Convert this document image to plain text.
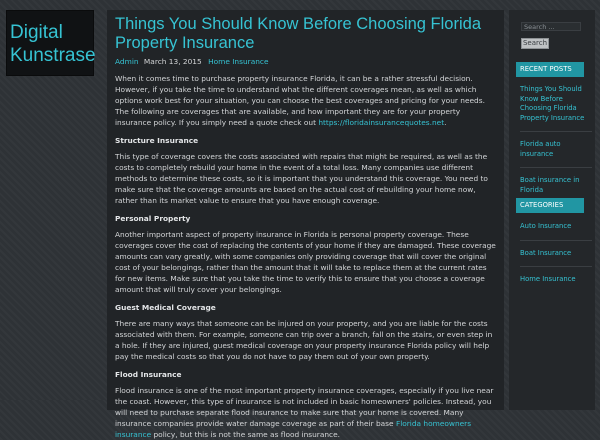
Digital
Kunstrase
Things You Should Know Before Choosing Florida Property Insurance
Admin March 13, 2015 Home Insurance

When it comes time to purchase property insurance Florida, it can be a rather stressful decision. However, if you take the time to understand what the different coverages mean, as well as which options work best for your situation, you can choose the best coverages and pricing for your needs. The following are coverages that are available, and how important they are for your property insurance policy. If you simply need a quote check out https://floridainsurancequotes.net.

Structure Insurance

This type of coverage covers the costs associated with repairs that might be required, as well as the costs to completely rebuild your home in the event of a total loss. Many companies use different methods to determine these costs, so it is important that you understand this coverage. You need to make sure that the coverage amounts are based on the actual cost of rebuilding your home now, rather than its market value to ensure that you have enough coverage.

Personal Property

Another important aspect of property insurance in Florida is personal property coverage. These coverages cover the cost of replacing the contents of your home if they are damaged. These coverage amounts can vary greatly, with some companies only providing coverage that will cover the original cost of your belongings, rather than the amount that it will take to replace them at the current rates for new items. Make sure that you take the time to verify this to ensure that you choose a coverage amount that will truly cover your belongings.

Guest Medical Coverage

There are many ways that someone can be injured on your property, and you are liable for the costs associated with them. For example, someone can trip over a branch, fall on the stairs, or even step in a hole. If they are injured, guest medical coverage on your property insurance Florida policy will help pay the medical costs so that you do not have to pay them out of your own property.

Flood Insurance

Flood insurance is one of the most important property insurance coverages, especially if you live near the coast. However, this type of insurance is not included in basic homeowners' policies. Instead, you will need to purchase separate flood insurance to make sure that your home is covered. Many insurance companies provide water damage coverage as part of their base Florida homeowners insurance policy, but this is not the same as flood insurance.

Search ...
Search
RECENT POSTS
Things You Should Know Before Choosing Florida Property Insurance
Florida auto insurance
Boat insurance in Florida
CATEGORIES
Auto Insurance
Boat Insurance
Home Insurance
